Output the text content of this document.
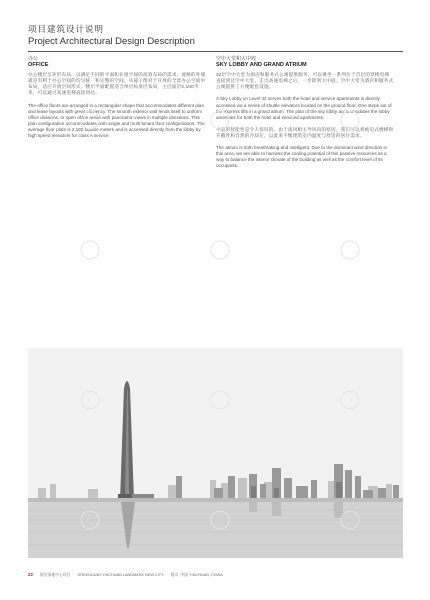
项目建筑设计说明
Project Architectural Design Description
办公
OFFICE

办公楼层呈矩形布局，以满足不同的平面和在租空间的高效布局的需求。流畅的外墙就是有利于办公空间的均匀统一和完整的空间，从镜子像对于开放的全景办公空间中布局，适应开放空间形式。楼层平面配置适合单层标准层布局，主层面层2,100平米，可以通过高速电梯直接到达。

The office floors are arranged in a rectangular shape that accommodates different plan and lease layouts with great efficiency. The smooth exterior wall lends itself to uniform office divisions, or open office areas with panoramic views in multiple directions. This plan configuration accommodates both single and multi tenant floor configurations. The average floor plate is 2,100 square meters and is accessed directly from the lobby by high speed elevators for class A service.

空中大堂和大中庭
SKY LOBBY AND GRAND ATRIUM

32层空中大堂为酒店和服务式公寓提供服务。可以乘坐一系列位于首层的穿梭电梯直接到达空中大堂。走出高速电梯之后，一步即到大中庭。空中大堂为酒店和服务式公寓提供了方便配套设施。

A Sky Lobby on Level 32 serves both the hotel and service apartments is directly accessed via a series of shuttle elevators located on the ground floor. One steps out of the express lifts in a grand atrium. The plan of the sky lobby accommodates the lobby amenities for both the hotel and serviced apartments.

中庭的智能性是令人惊叹的。由于南风相主导风向的原因，我们可以将被迫式楼梯和开敞性和自然的冷却在，以此来平衡建筑室内温度与舒适的居住需求。

The atrium is both breathtaking and intelligent. Due to the dominant wind direction in this area, we are able to harness the cooling potential of this passive resources as a way to balance the interior climate of the building as well as the comfort level of its occupants.

22 银川绿地中心项目 GREENLAND YINCHUAN LANDMARK NEW CITY 银川, 中国 YINCHUAN, CHINA
